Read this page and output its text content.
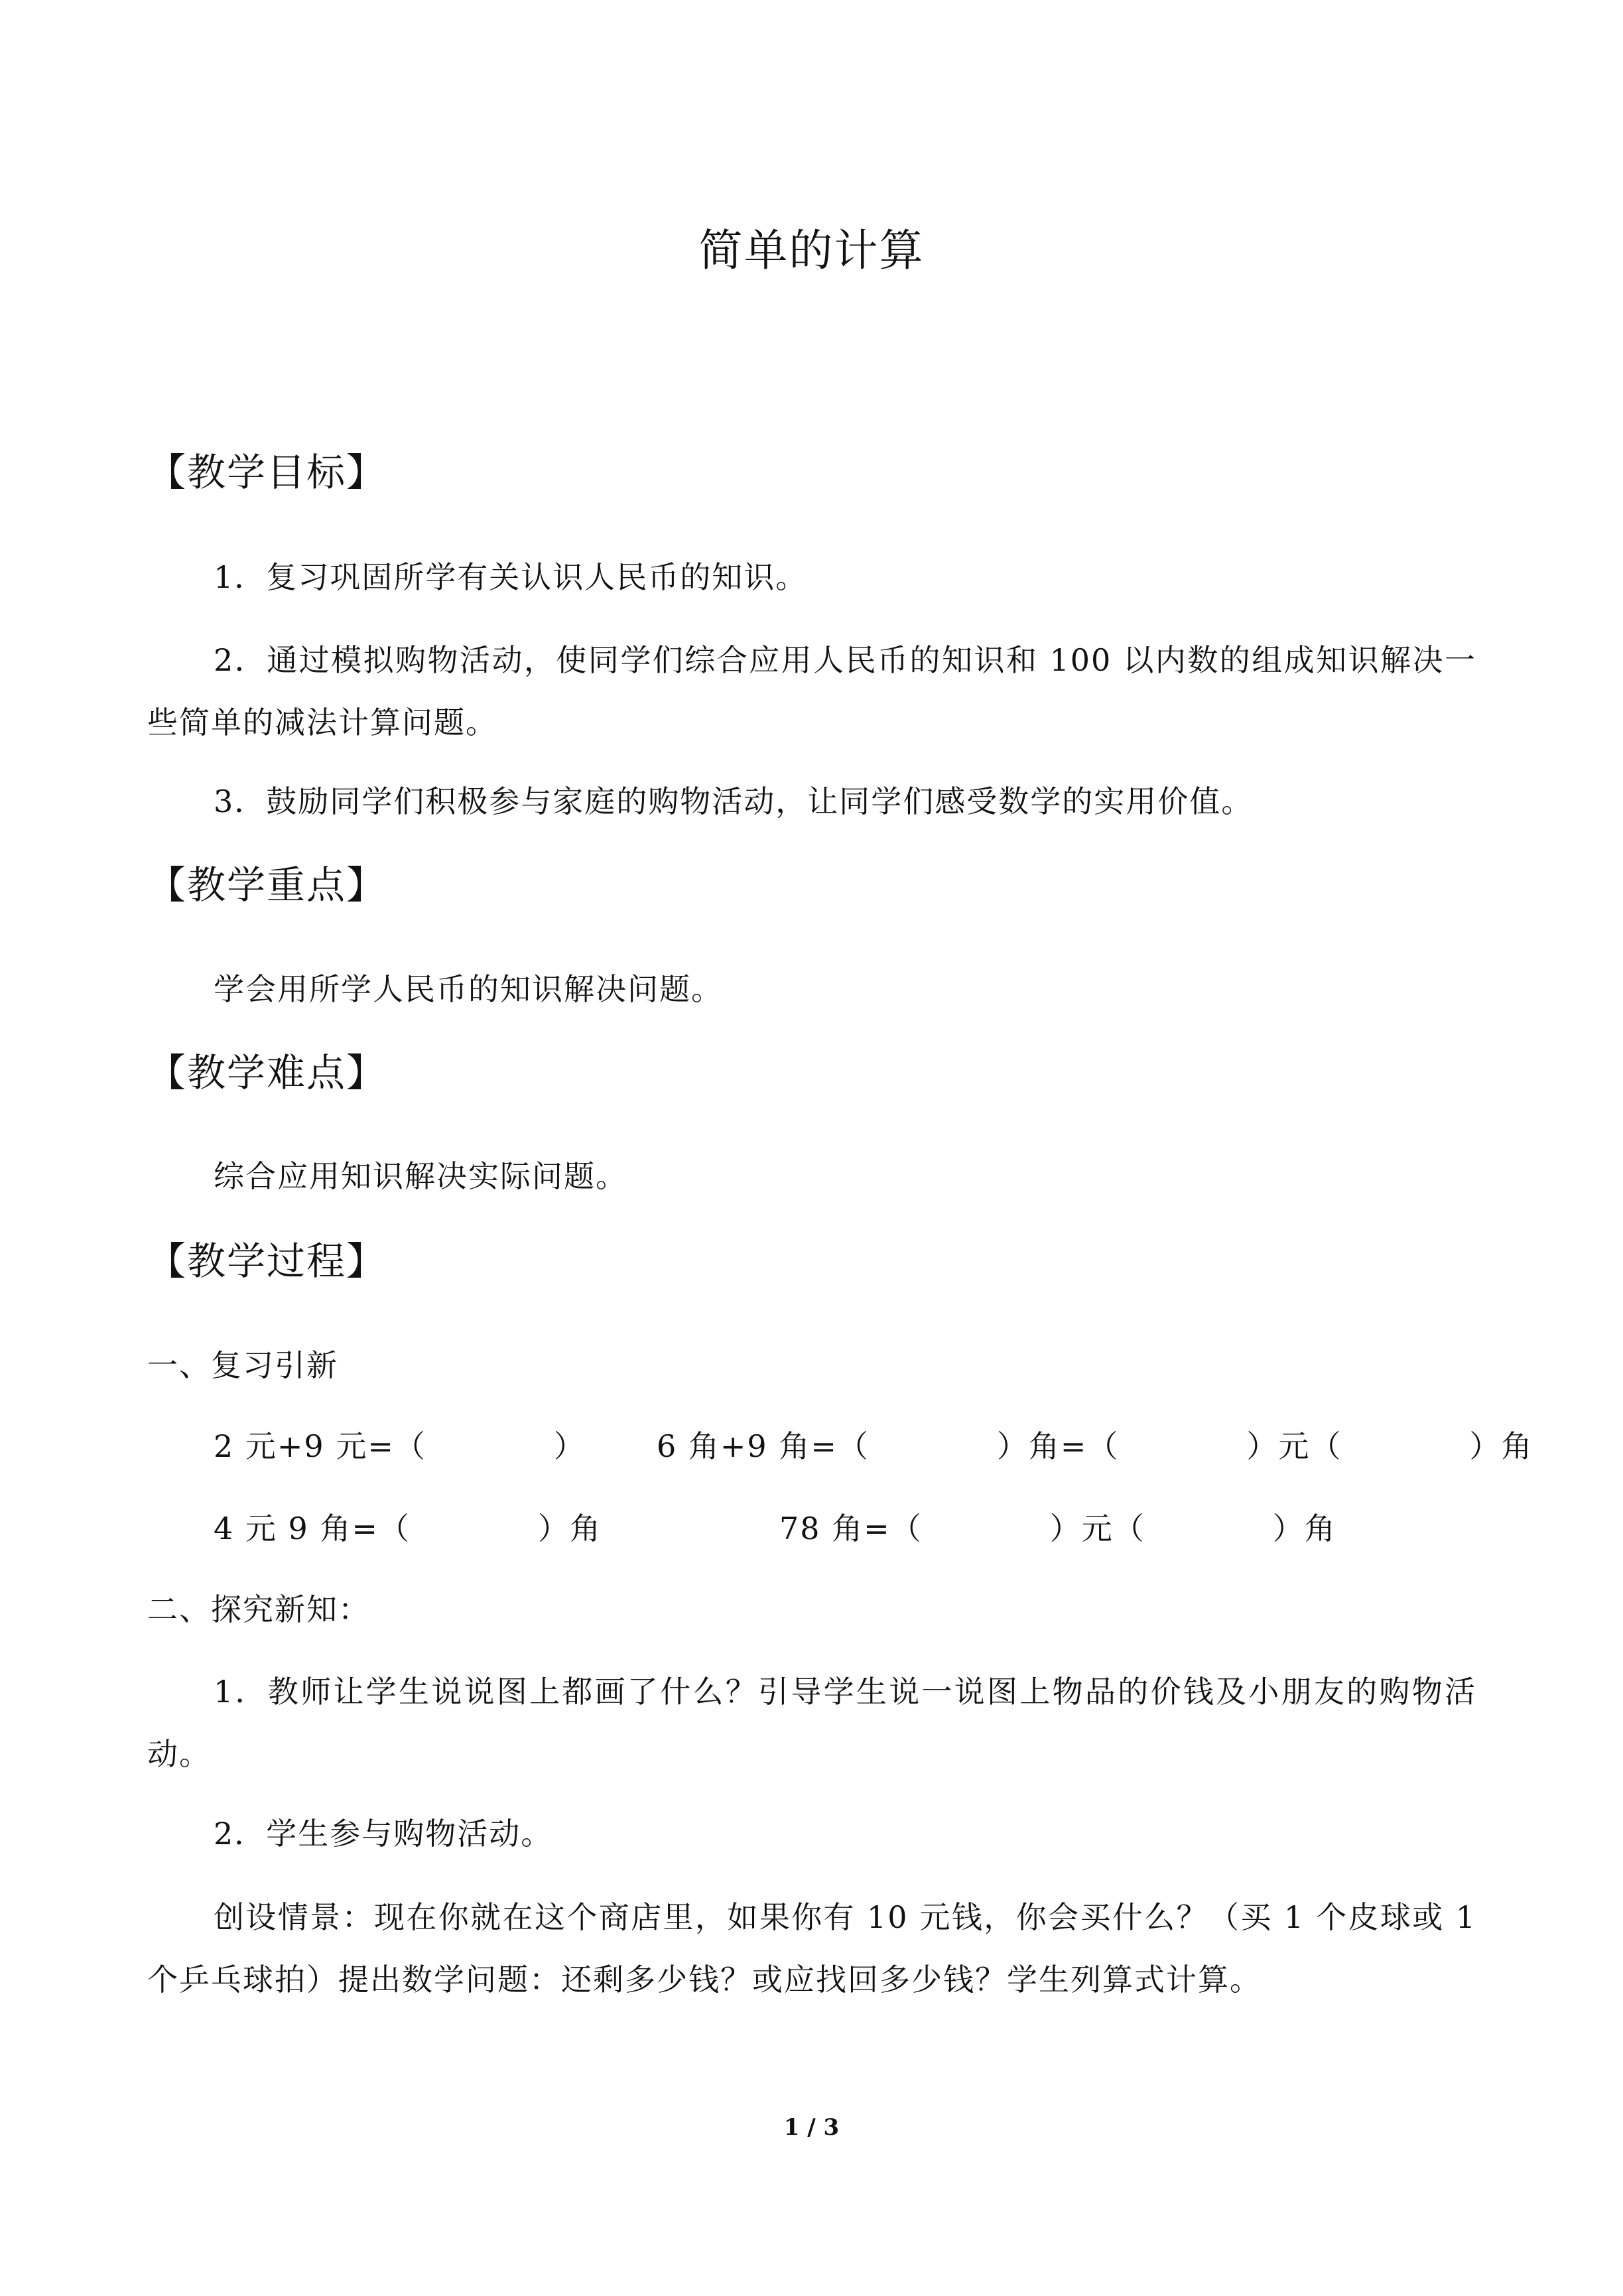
简单的计算
【教学目标】
1．复习巩固所学有关认识人民币的知识。
2．通过模拟购物活动，使同学们综合应用人民币的知识和 100 以内数的组成知识解决一
些简单的减法计算问题。
3．鼓励同学们积极参与家庭的购物活动，让同学们感受数学的实用价值。
【教学重点】
学会用所学人民币的知识解决问题。
【教学难点】
综合应用知识解决实际问题。
【教学过程】
一、复习引新
2 元+9 元=（　　　　） 6 角+9 角=（　　　　）角=（　　　　）元（　　　　）角
4 元 9 角=（　　　　）角	78 角=（　　　　）元（　　　　）角
二、探究新知：
1．教师让学生说说图上都画了什么？引导学生说一说图上物品的价钱及小朋友的购物活
动。
2．学生参与购物活动。
创设情景：现在你就在这个商店里，如果你有 10 元钱，你会买什么？（买 1 个皮球或 1
个乒乓球拍）提出数学问题：还剩多少钱？或应找回多少钱？学生列算式计算。
1 / 3
